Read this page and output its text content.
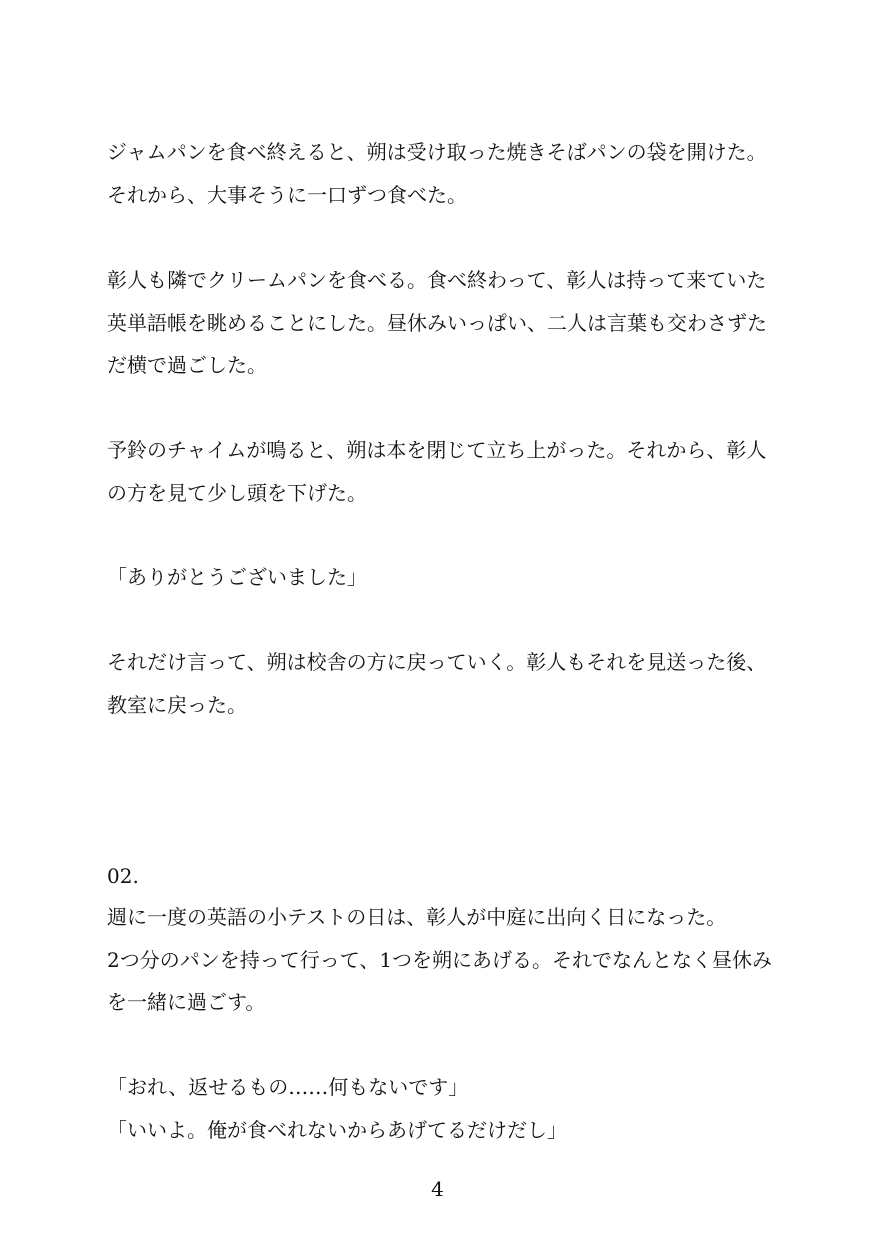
ジャムパンを食べ終えると、朔は受け取った焼きそばパンの袋を開けた。
それから、大事そうに一口ずつ食べた。
彰人も隣でクリームパンを食べる。食べ終わって、彰人は持って来ていた
英単語帳を眺めることにした。昼休みいっぱい、二人は言葉も交わさずた
だ横で過ごした。
予鈴のチャイムが鳴ると、朔は本を閉じて立ち上がった。それから、彰人
の方を見て少し頭を下げた。
「ありがとうございました」
それだけ言って、朔は校舎の方に戻っていく。彰人もそれを見送った後、
教室に戻った。
02.
週に一度の英語の小テストの日は、彰人が中庭に出向く日になった。
2つ分のパンを持って行って、1つを朔にあげる。それでなんとなく昼休み
を一緒に過ごす。
「おれ、返せるもの……何もないです」
「いいよ。俺が食べれないからあげてるだけだし」
4
